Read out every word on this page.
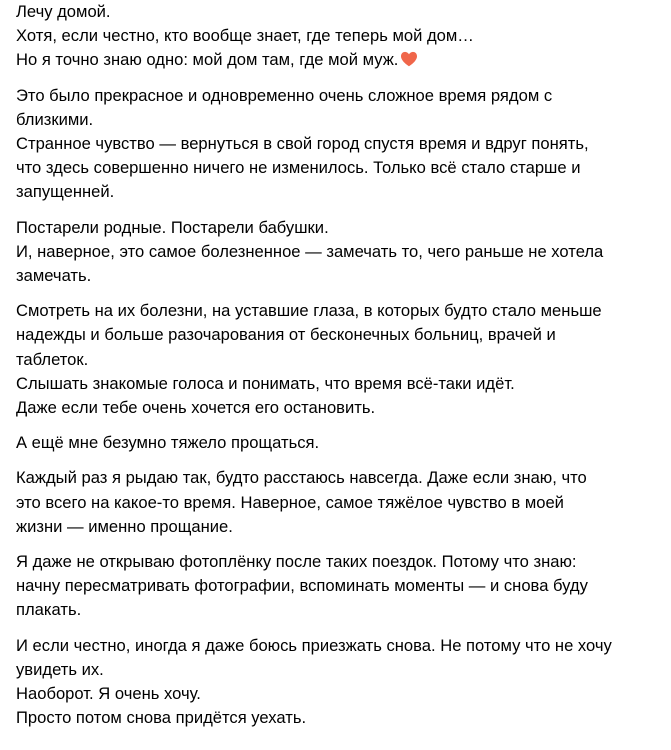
Лечу домой.
Хотя, если честно, кто вообще знает, где теперь мой дом…
Но я точно знаю одно: мой дом там, где мой муж.
Это было прекрасное и одновременно очень сложное время рядом с
близкими.
Странное чувство — вернуться в свой город спустя время и вдруг понять,
что здесь совершенно ничего не изменилось. Только всё стало старше и
запущенней.
Постарели родные. Постарели бабушки.
И, наверное, это самое болезненное — замечать то, чего раньше не хотела
замечать.
Смотреть на их болезни, на уставшие глаза, в которых будто стало меньше
надежды и больше разочарования от бесконечных больниц, врачей и
таблеток.
Слышать знакомые голоса и понимать, что время всё-таки идёт.
Даже если тебе очень хочется его остановить.
А ещё мне безумно тяжело прощаться.
Каждый раз я рыдаю так, будто расстаюсь навсегда. Даже если знаю, что
это всего на какое-то время. Наверное, самое тяжёлое чувство в моей
жизни — именно прощание.
Я даже не открываю фотоплёнку после таких поездок. Потому что знаю:
начну пересматривать фотографии, вспоминать моменты — и снова буду
плакать.
И если честно, иногда я даже боюсь приезжать снова. Не потому что не хочу
увидеть их.
Наоборот. Я очень хочу.
Просто потом снова придётся уехать.
